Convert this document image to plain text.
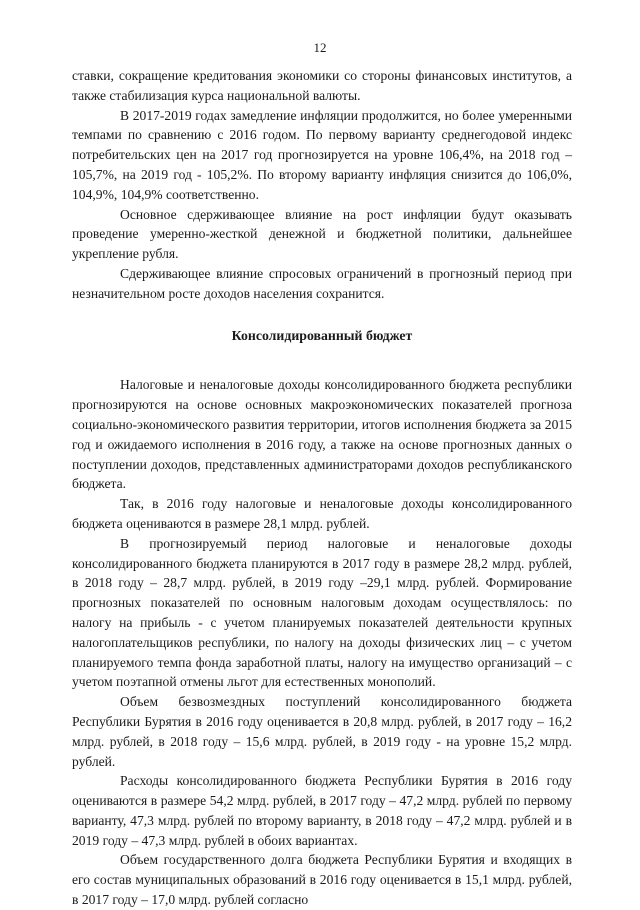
12

ставки, сокращение кредитования экономики со стороны финансовых институтов, а также стабилизация курса национальной валюты.

В 2017-2019 годах замедление инфляции продолжится, но более умеренными темпами по сравнению с 2016 годом. По первому варианту среднегодовой индекс потребительских цен на 2017 год прогнозируется на уровне 106,4%, на 2018 год – 105,7%, на 2019 год - 105,2%. По второму варианту инфляция снизится до 106,0%, 104,9%, 104,9% соответственно.

Основное сдерживающее влияние на рост инфляции будут оказывать проведение умеренно-жесткой денежной и бюджетной политики, дальнейшее укрепление рубля.

Сдерживающее влияние спросовых ограничений в прогнозный период при незначительном росте доходов населения сохранится.

Консолидированный бюджет

Налоговые и неналоговые доходы консолидированного бюджета республики прогнозируются на основе основных макроэкономических показателей прогноза социально-экономического развития территории, итогов исполнения бюджета за 2015 год и ожидаемого исполнения в 2016 году, а также на основе прогнозных данных о поступлении доходов, представленных администраторами доходов республиканского бюджета.

Так, в 2016 году налоговые и неналоговые доходы консолидированного бюджета оцениваются в размере 28,1 млрд. рублей.

В прогнозируемый период налоговые и неналоговые доходы консолидированного бюджета планируются в 2017 году в размере 28,2 млрд. рублей, в 2018 году – 28,7 млрд. рублей, в 2019 году –29,1 млрд. рублей. Формирование прогнозных показателей по основным налоговым доходам осуществлялось: по налогу на прибыль - с учетом планируемых показателей деятельности крупных налогоплательщиков республики, по налогу на доходы физических лиц – с учетом планируемого темпа фонда заработной платы, налогу на имущество организаций – с учетом поэтапной отмены льгот для естественных монополий.

Объем безвозмездных поступлений консолидированного бюджета Республики Бурятия в 2016 году оценивается в 20,8 млрд. рублей, в 2017 году – 16,2 млрд. рублей, в 2018 году – 15,6 млрд. рублей, в 2019 году - на уровне 15,2 млрд. рублей.

Расходы консолидированного бюджета Республики Бурятия в 2016 году оцениваются в размере 54,2 млрд. рублей, в 2017 году – 47,2 млрд. рублей по первому варианту, 47,3 млрд. рублей по второму варианту, в 2018 году – 47,2 млрд. рублей и в 2019 году – 47,3 млрд. рублей в обоих вариантах.

Объем государственного долга бюджета Республики Бурятия и входящих в его состав муниципальных образований в 2016 году оценивается в 15,1 млрд. рублей, в 2017 году – 17,0 млрд. рублей согласно
